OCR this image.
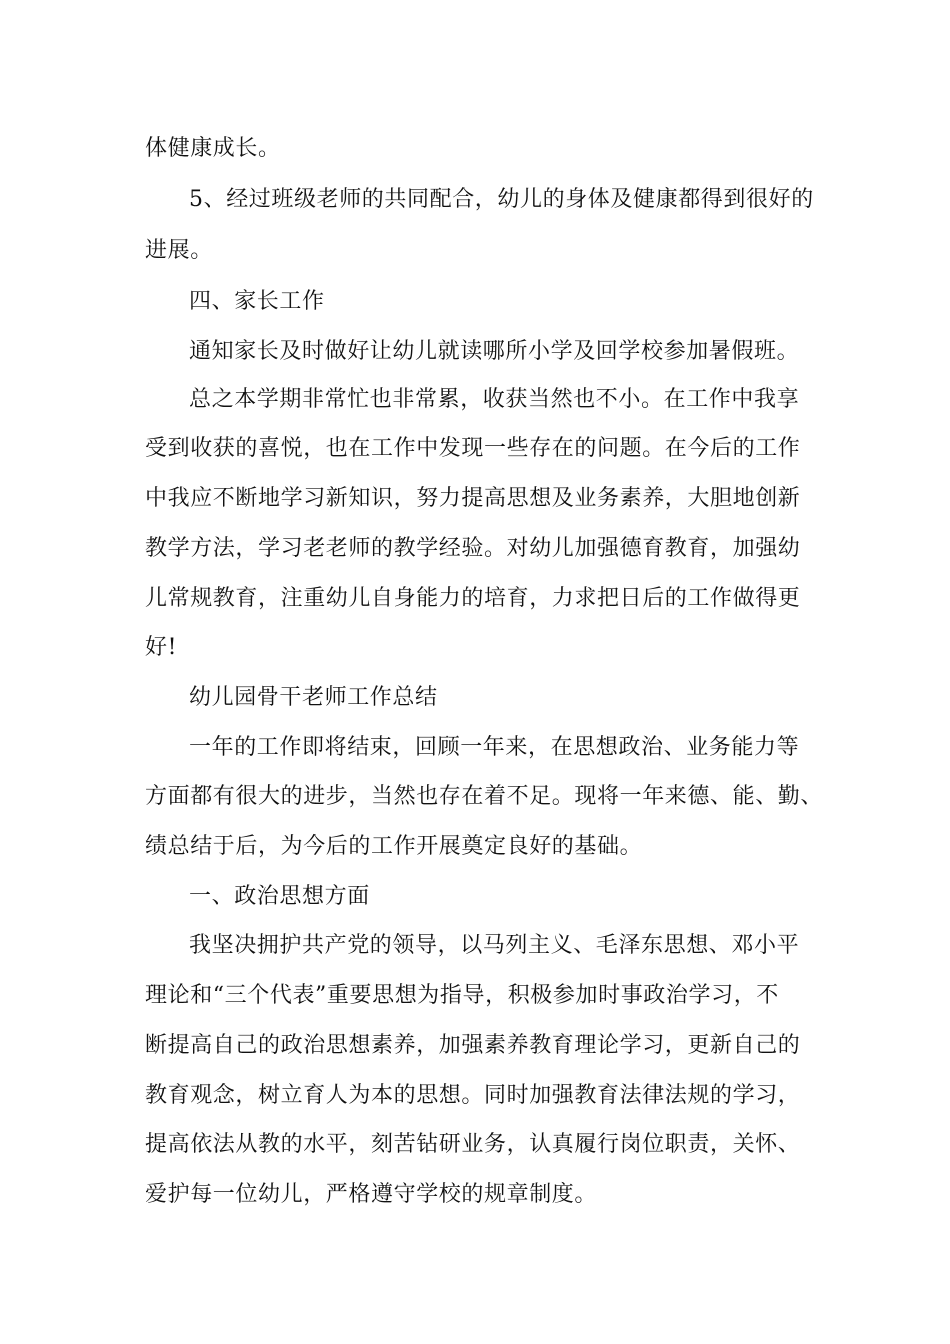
体健康成长。
5、经过班级老师的共同配合，幼儿的身体及健康都得到很好的
进展。
四、家长工作
通知家长及时做好让幼儿就读哪所小学及回学校参加暑假班。
总之本学期非常忙也非常累，收获当然也不小。在工作中我享
受到收获的喜悦，也在工作中发现一些存在的问题。在今后的工作
中我应不断地学习新知识，努力提高思想及业务素养，大胆地创新
教学方法，学习老老师的教学经验。对幼儿加强德育教育，加强幼
儿常规教育，注重幼儿自身能力的培育，力求把日后的工作做得更
好!
幼儿园骨干老师工作总结
一年的工作即将结束，回顾一年来，在思想政治、业务能力等
方面都有很大的进步，当然也存在着不足。现将一年来德、能、勤、
绩总结于后，为今后的工作开展奠定良好的基础。
一、政治思想方面
我坚决拥护共产党的领导，以马列主义、毛泽东思想、邓小平
理论和“三个代表”重要思想为指导，积极参加时事政治学习，不
断提高自己的政治思想素养，加强素养教育理论学习，更新自己的
教育观念，树立育人为本的思想。同时加强教育法律法规的学习，
提高依法从教的水平，刻苦钻研业务，认真履行岗位职责，关怀、
爱护每一位幼儿，严格遵守学校的规章制度。
